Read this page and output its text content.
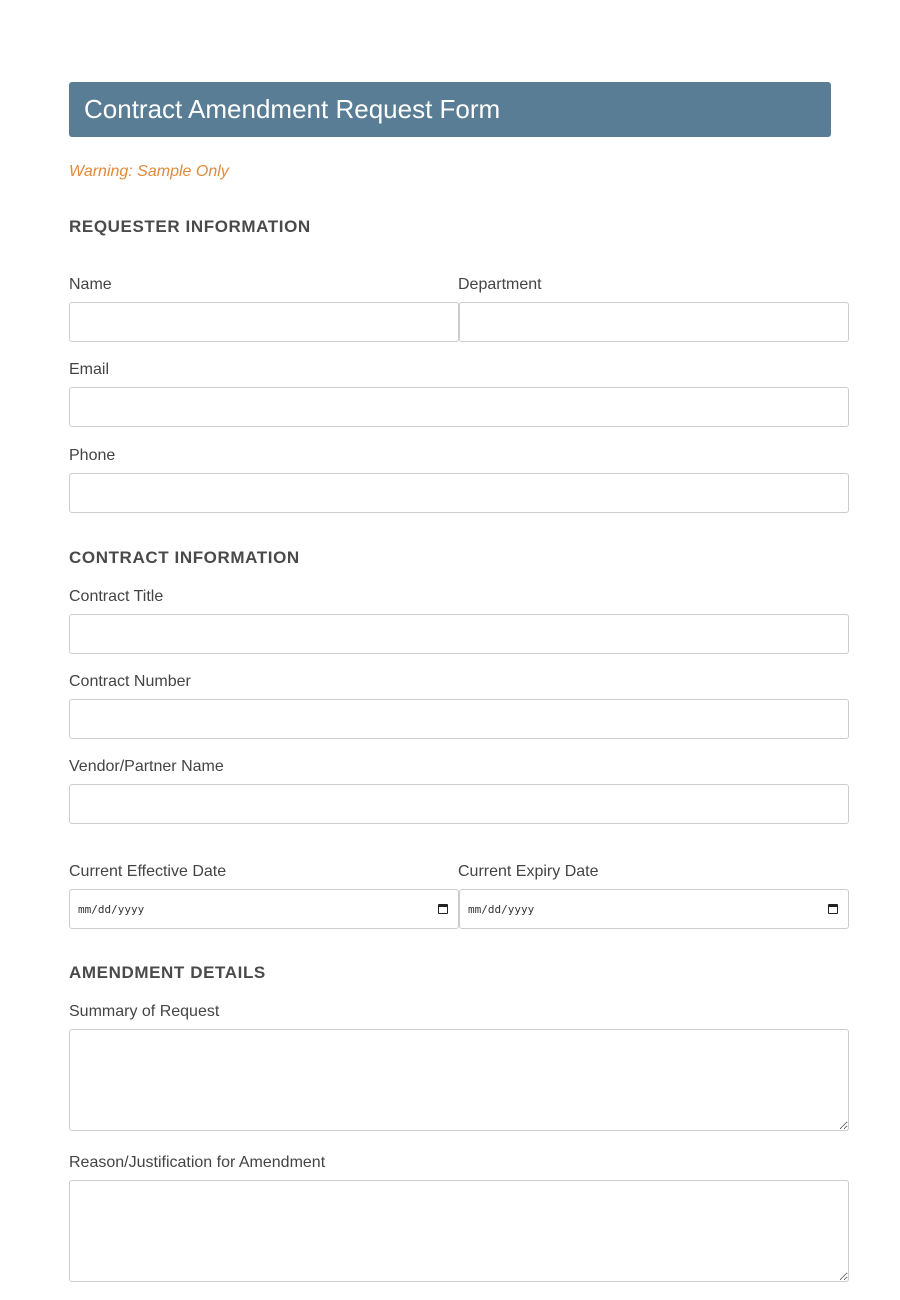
Contract Amendment Request Form
Warning: Sample Only
REQUESTER INFORMATION
Name	Department
Email
Phone
CONTRACT INFORMATION
Contract Title
Contract Number
Vendor/Partner Name
Current Effective Date	Current Expiry Date
mm/dd/yyyy	mm/dd/yyyy
AMENDMENT DETAILS
Summary of Request
Reason/Justification for Amendment
